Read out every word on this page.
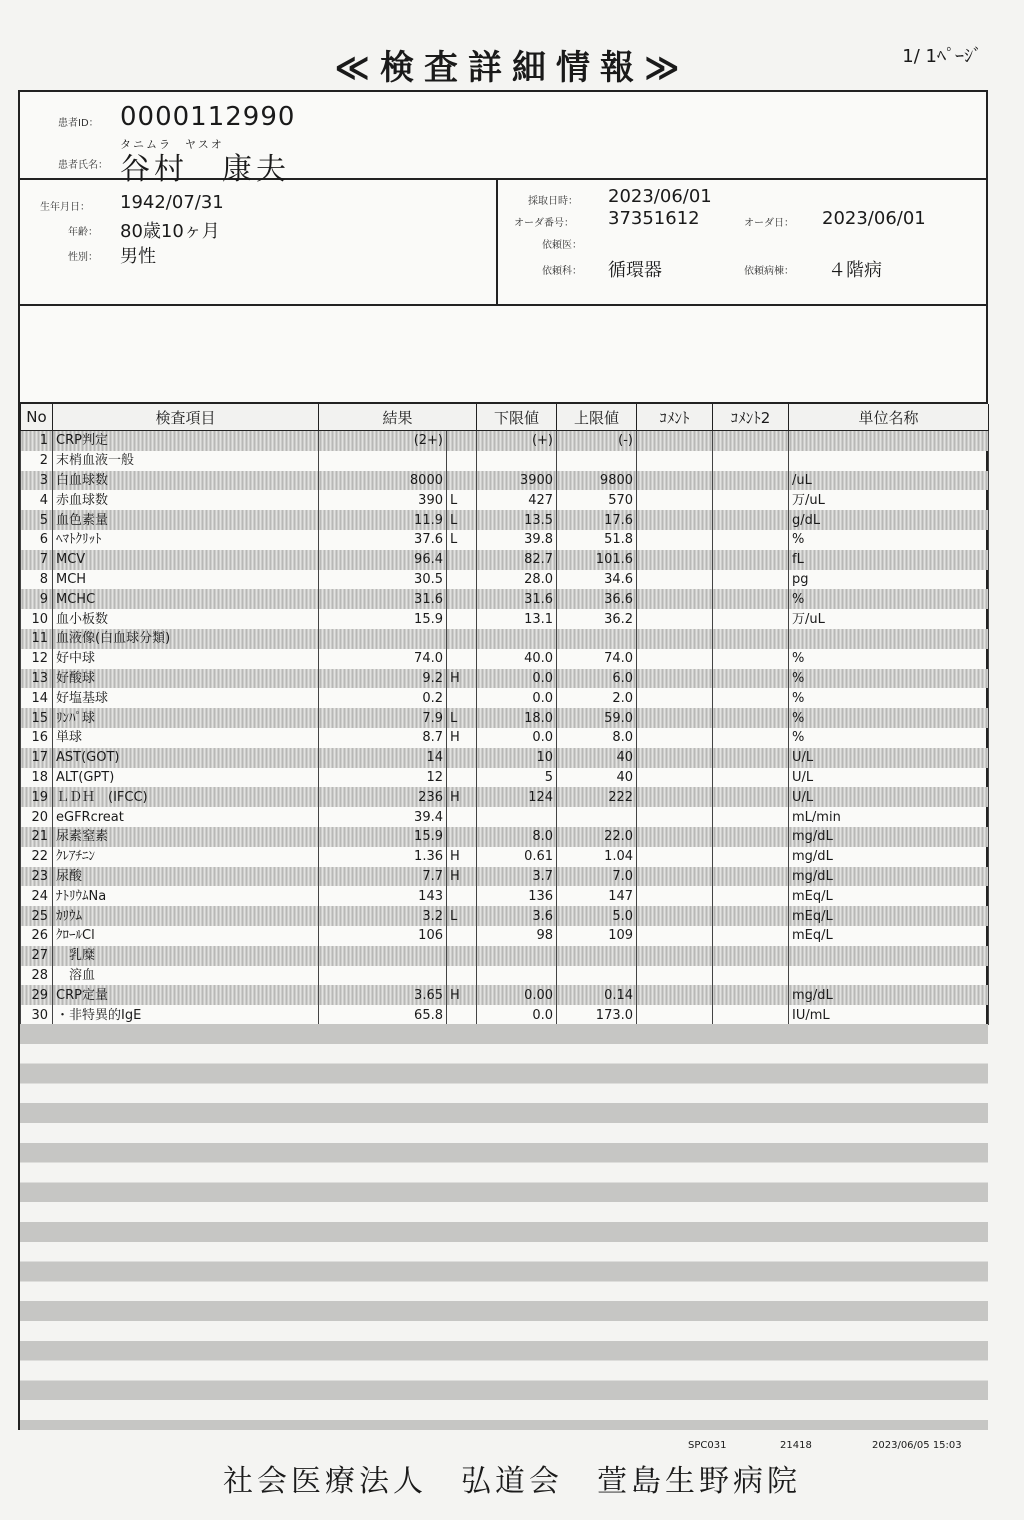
≪検査詳細情報≫	1/ 1ﾍﾟｰｼﾞ
患者ID： 0000112990
タニムラ　ヤスオ
患者氏名： 谷村　康夫
生年月日： 1942/07/31
年齢： 80歳10ヶ月
性別： 男性
採取日時： 2023/06/01
オーダ番号： 37351612	オーダ日： 2023/06/01
依頼医：
依頼科： 循環器	依頼病棟： ４階病
No	検査項目	結果		下限値	上限値	ｺﾒﾝﾄ	ｺﾒﾝﾄ2	単位名称
1	CRP判定	(2+)		(+)	(-)			
2	末梢血液一般							
3	白血球数	8000		3900	9800			/uL
4	赤血球数	390	L	427	570			万/uL
5	血色素量	11.9	L	13.5	17.6			g/dL
6	ﾍﾏﾄｸﾘｯﾄ	37.6	L	39.8	51.8			%
7	MCV	96.4		82.7	101.6			fL
8	MCH	30.5		28.0	34.6			pg
9	MCHC	31.6		31.6	36.6			%
10	血小板数	15.9		13.1	36.2			万/uL
11	血液像(白血球分類)							
12	好中球	74.0		40.0	74.0			%
13	好酸球	9.2	H	0.0	6.0			%
14	好塩基球	0.2		0.0	2.0			%
15	ﾘﾝﾊﾟ球	7.9	L	18.0	59.0			%
16	単球	8.7	H	0.0	8.0			%
17	AST(GOT)	14		10	40			U/L
18	ALT(GPT)	12		5	40			U/L
19	ＬＤＨ　(IFCC)	236	H	124	222			U/L
20	eGFRcreat	39.4						mL/min
21	尿素窒素	15.9		8.0	22.0			mg/dL
22	ｸﾚｱﾁﾆﾝ	1.36	H	0.61	1.04			mg/dL
23	尿酸	7.7	H	3.7	7.0			mg/dL
24	ﾅﾄﾘｳﾑNa	143		136	147			mEq/L
25	ｶﾘｳﾑ	3.2	L	3.6	5.0			mEq/L
26	ｸﾛｰﾙCl	106		98	109			mEq/L
27	　乳糜							
28	　溶血							
29	CRP定量	3.65	H	0.00	0.14			mg/dL
30	・非特異的IgE	65.8		0.0	173.0			IU/mL
SPC031	21418	2023/06/05 15:03
社会医療法人　弘道会　萱島生野病院
